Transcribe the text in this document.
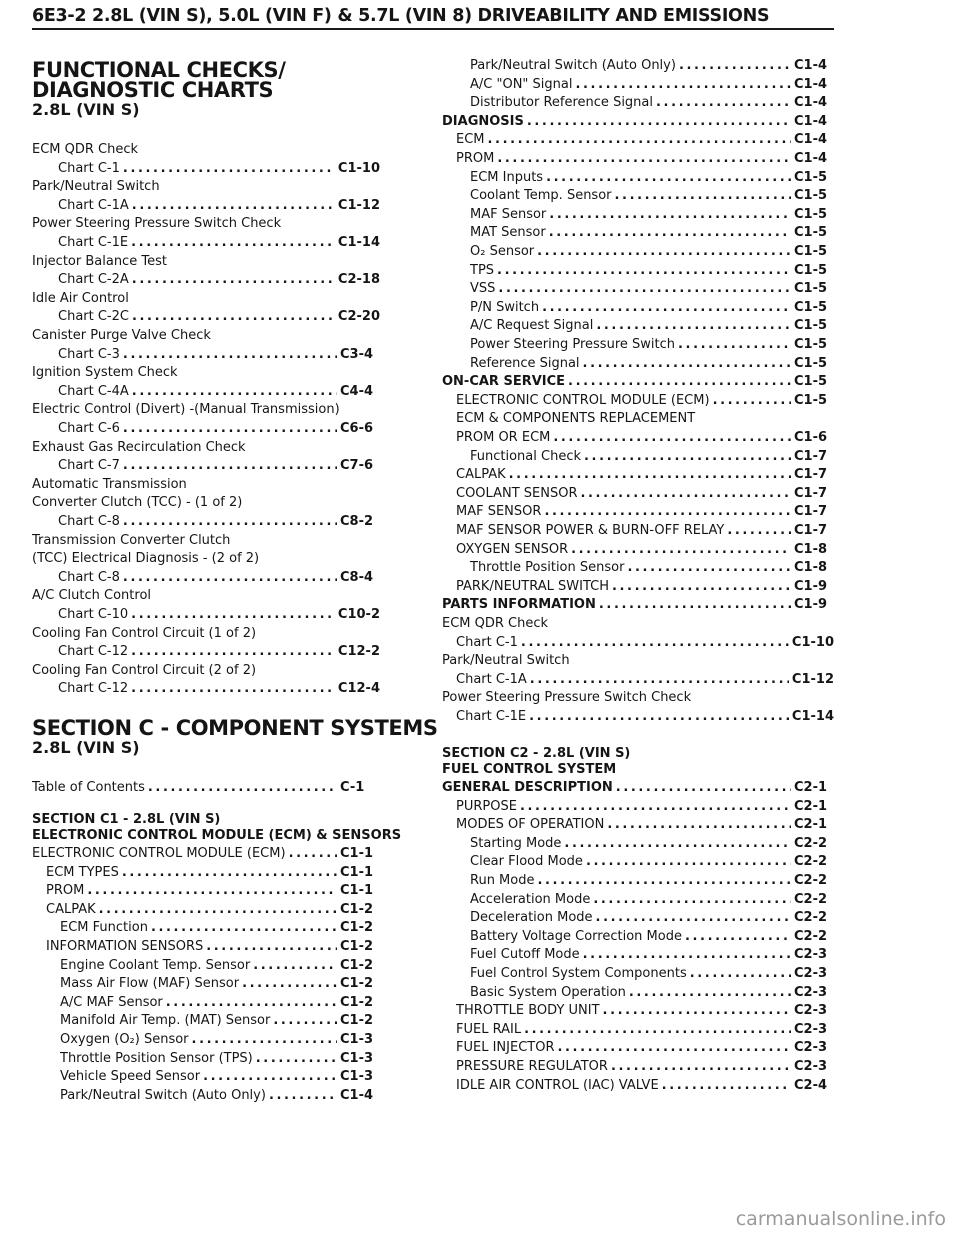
6E3-2 2.8L (VIN S), 5.0L (VIN F) & 5.7L (VIN 8) DRIVEABILITY AND EMISSIONS
FUNCTIONAL CHECKS/
DIAGNOSTIC CHARTS
2.8L (VIN S)
SECTION C - COMPONENT SYSTEMS
2.8L (VIN S)
Table of Contents .....	C-1
SECTION C1 - 2.8L (VIN S)
ELECTRONIC CONTROL MODULE (ECM) & SENSORS
ECM QDR Check
Chart C-1 .....	C1-10
Park/Neutral Switch
Chart C-1A .....	C1-12
Power Steering Pressure Switch Check
Chart C-1E .....	C1-14
Injector Balance Test
Chart C-2A .....	C2-18
Idle Air Control
Chart C-2C .....	C2-20
Canister Purge Valve Check
Chart C-3 .....	C3-4
Ignition System Check
Chart C-4A .....	C4-4
Electric Control (Divert) -(Manual Transmission)
Chart C-6 .....	C6-6
Exhaust Gas Recirculation Check
Chart C-7 .....	C7-6
Automatic Transmission
Converter Clutch (TCC) - (1 of 2)
Chart C-8 .....	C8-2
Transmission Converter Clutch
(TCC) Electrical Diagnosis - (2 of 2)
Chart C-8 .....	C8-4
A/C Clutch Control
Chart C-10 .....	C10-2
Cooling Fan Control Circuit (1 of 2)
Chart C-12 .....	C12-2
Cooling Fan Control Circuit (2 of 2)
Chart C-12 .....	C12-4
ELECTRONIC CONTROL MODULE (ECM) .....	C1-1
ECM TYPES .....	C1-1
PROM .....	C1-1
CALPAK .....	C1-2
ECM Function .....	C1-2
INFORMATION SENSORS .....	C1-2
Engine Coolant Temp. Sensor .....	C1-2
Mass Air Flow (MAF) Sensor .....	C1-2
A/C MAF Sensor .....	C1-2
Manifold Air Temp. (MAT) Sensor .....	C1-2
Oxygen (O₂) Sensor .....	C1-3
Throttle Position Sensor (TPS) .....	C1-3
Vehicle Speed Sensor .....	C1-3
Park/Neutral Switch (Auto Only) .....	C1-4
SECTION C2 - 2.8L (VIN S)
FUEL CONTROL SYSTEM
Park/Neutral Switch (Auto Only) .....	C1-4
A/C "ON" Signal .....	C1-4
Distributor Reference Signal .....	C1-4
DIAGNOSIS .....	C1-4
ECM .....	C1-4
PROM .....	C1-4
ECM Inputs .....	C1-5
Coolant Temp. Sensor .....	C1-5
MAF Sensor .....	C1-5
MAT Sensor .....	C1-5
O₂ Sensor .....	C1-5
TPS .....	C1-5
VSS .....	C1-5
P/N Switch .....	C1-5
A/C Request Signal .....	C1-5
Power Steering Pressure Switch .....	C1-5
Reference Signal .....	C1-5
ON-CAR SERVICE .....	C1-5
ELECTRONIC CONTROL MODULE (ECM) .....	C1-5
ECM & COMPONENTS REPLACEMENT
PROM OR ECM .....	C1-6
Functional Check .....	C1-7
CALPAK .....	C1-7
COOLANT SENSOR .....	C1-7
MAF SENSOR .....	C1-7
MAF SENSOR POWER & BURN-OFF RELAY .....	C1-7
OXYGEN SENSOR .....	C1-8
Throttle Position Sensor .....	C1-8
PARK/NEUTRAL SWITCH .....	C1-9
PARTS INFORMATION .....	C1-9
ECM QDR Check
Chart C-1 .....	C1-10
Park/Neutral Switch
Chart C-1A .....	C1-12
Power Steering Pressure Switch Check
Chart C-1E .....	C1-14
GENERAL DESCRIPTION .....	C2-1
PURPOSE .....	C2-1
MODES OF OPERATION .....	C2-1
Starting Mode .....	C2-2
Clear Flood Mode .....	C2-2
Run Mode .....	C2-2
Acceleration Mode .....	C2-2
Deceleration Mode .....	C2-2
Battery Voltage Correction Mode .....	C2-2
Fuel Cutoff Mode .....	C2-3
Fuel Control System Components .....	C2-3
Basic System Operation .....	C2-3
THROTTLE BODY UNIT .....	C2-3
FUEL RAIL .....	C2-3
FUEL INJECTOR .....	C2-3
PRESSURE REGULATOR .....	C2-3
IDLE AIR CONTROL (IAC) VALVE .....	C2-4
carmanualsonline.info
